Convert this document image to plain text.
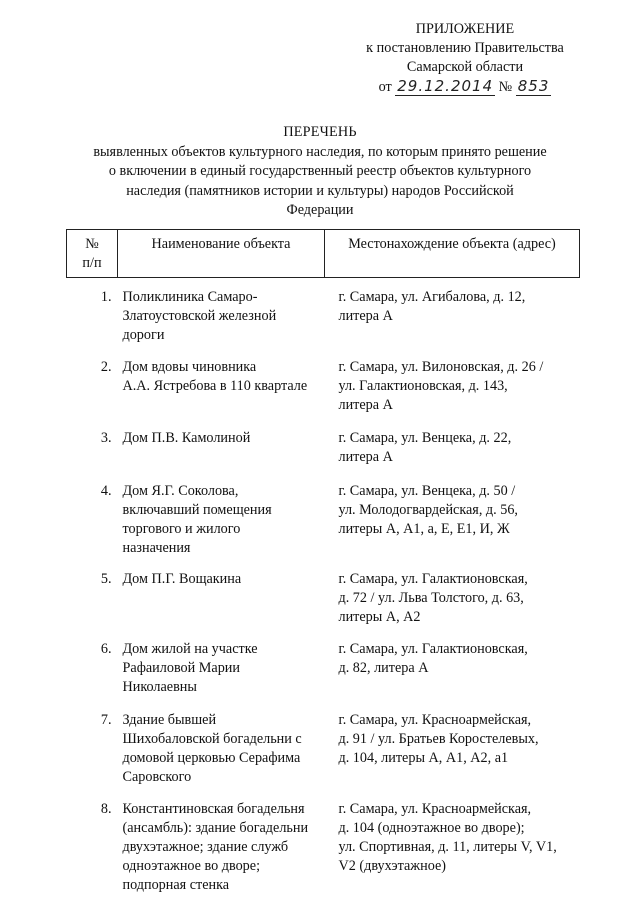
ПРИЛОЖЕНИЕ
к постановлению Правительства
Самарской области
от 29.12.2014 № 853
ПЕРЕЧЕНЬ
выявленных объектов культурного наследия, по которым принято решение
о включении в единый государственный реестр объектов культурного
наследия (памятников истории и культуры) народов Российской
Федерации
№
п/п	Наименование объекта	Местонахождение объекта (адрес)
1.	Поликлиника Самаро-
Златоустовской железной
дороги	г. Самара, ул. Агибалова, д. 12,
литера А

2.	Дом вдовы чиновника
А.А. Ястребова в 110 квартале	г. Самара, ул. Вилоновская, д. 26 /
ул. Галактионовская, д. 143,
литера А

3.	Дом П.В. Камолиной	г. Самара, ул. Венцека, д. 22,
литера А

4.	Дом Я.Г. Соколова,
включавший помещения
торгового и жилого
назначения	г. Самара, ул. Венцека, д. 50 /
ул. Молодогвардейская, д. 56,
литеры А, А1, а, Е, Е1, И, Ж

5.	Дом П.Г. Вощакина	г. Самара, ул. Галактионовская,
д. 72 / ул. Льва Толстого, д. 63,
литеры А, А2

6.	Дом жилой на участке
Рафаиловой Марии
Николаевны	г. Самара, ул. Галактионовская,
д. 82, литера А

7.	Здание бывшей
Шихобаловской богадельни с
домовой церковью Серафима
Саровского	г. Самара, ул. Красноармейская,
д. 91 / ул. Братьев Коростелевых,
д. 104, литеры А, А1, А2, а1

8.	Константиновская богадельня
(ансамбль): здание богадельни
двухэтажное; здание служб
одноэтажное во дворе;
подпорная стенка	г. Самара, ул. Красноармейская,
д. 104 (одноэтажное во дворе);
ул. Спортивная, д. 11, литеры V, V1,
V2 (двухэтажное)
